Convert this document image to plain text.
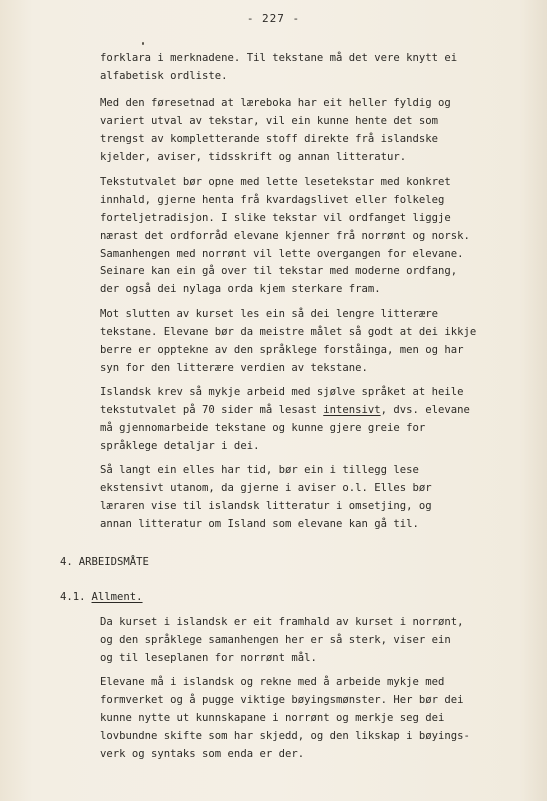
- 227 -

forklara i merknadene. Til tekstane må det vere knytt ei
alfabetisk ordliste.

Med den føresetnad at læreboka har eit heller fyldig og
variert utval av tekstar, vil ein kunne hente det som
trengst av kompletterande stoff direkte frå islandske
kjelder, aviser, tidsskrift og annan litteratur.

Tekstutvalet bør opne med lette lesetekstar med konkret
innhald, gjerne henta frå kvardagslivet eller folkeleg
forteljetradisjon. I slike tekstar vil ordfanget liggje
nærast det ordforråd elevane kjenner frå norrønt og norsk.
Samanhengen med norrønt vil lette overgangen for elevane.
Seinare kan ein gå over til tekstar med moderne ordfang,
der også dei nylaga orda kjem sterkare fram.

Mot slutten av kurset les ein så dei lengre litterære
tekstane. Elevane bør da meistre målet så godt at dei ikkje
berre er opptekne av den språklege forståinga, men og har
syn for den litterære verdien av tekstane.

Islandsk krev så mykje arbeid med sjølve språket at heile
tekstutvalet på 70 sider må lesast intensivt, dvs. elevane
må gjennomarbeide tekstane og kunne gjere greie for
språklege detaljar i dei.

Så langt ein elles har tid, bør ein i tillegg lese
ekstensivt utanom, da gjerne i aviser o.l. Elles bør
læraren vise til islandsk litteratur i omsetjing, og
annan litteratur om Island som elevane kan gå til.

4. ARBEIDSMÅTE
4.1. Allment.

Da kurset i islandsk er eit framhald av kurset i norrønt,
og den språklege samanhengen her er så sterk, viser ein
og til leseplanen for norrønt mål.

Elevane må i islandsk og rekne med å arbeide mykje med
formverket og å pugge viktige bøyingsmønster. Her bør dei
kunne nytte ut kunnskapane i norrønt og merkje seg dei
lovbundne skifte som har skjedd, og den likskap i bøyings-
verk og syntaks som enda er der.
